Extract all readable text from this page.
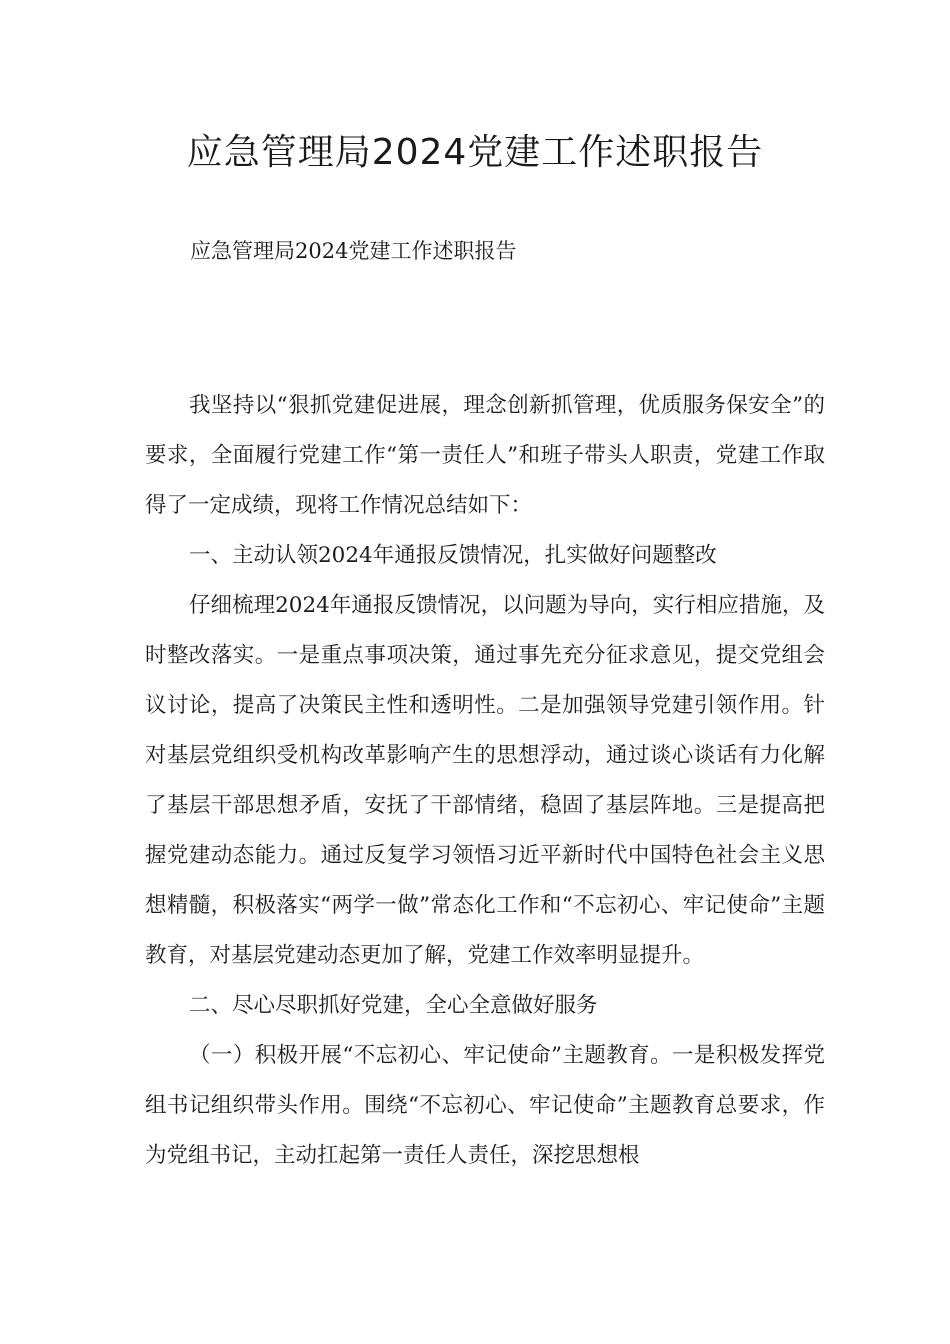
应急管理局2024党建工作述职报告

应急管理局2024党建工作述职报告

我坚持以“狠抓党建促进展，理念创新抓管理，优质服务保安全”的要求，全面履行党建工作“第一责任人”和班子带头人职责，党建工作取得了一定成绩，现将工作情况总结如下：

一、主动认领2024年通报反馈情况，扎实做好问题整改

仔细梳理2024年通报反馈情况，以问题为导向，实行相应措施，及时整改落实。一是重点事项决策，通过事先充分征求意见，提交党组会议讨论，提高了决策民主性和透明性。二是加强领导党建引领作用。针对基层党组织受机构改革影响产生的思想浮动，通过谈心谈话有力化解了基层干部思想矛盾，安抚了干部情绪，稳固了基层阵地。三是提高把握党建动态能力。通过反复学习领悟习近平新时代中国特色社会主义思想精髓，积极落实“两学一做”常态化工作和“不忘初心、牢记使命”主题教育，对基层党建动态更加了解，党建工作效率明显提升。

二、尽心尽职抓好党建，全心全意做好服务

（一）积极开展“不忘初心、牢记使命”主题教育。一是积极发挥党组书记组织带头作用。围绕“不忘初心、牢记使命”主题教育总要求，作为党组书记，主动扛起第一责任人责任，深挖思想根
